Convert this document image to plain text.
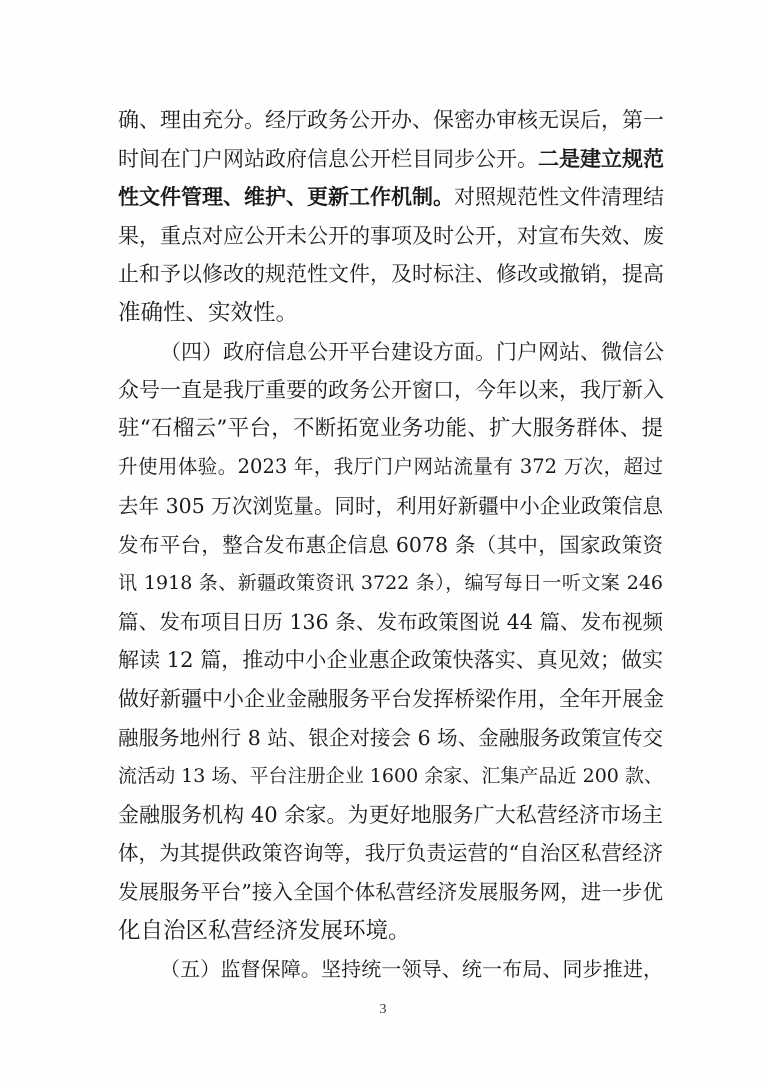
确、理由充分。经厅政务公开办、保密办审核无误后，第一
时间在门户网站政府信息公开栏目同步公开。二是建立规范
性文件管理、维护、更新工作机制。对照规范性文件清理结
果，重点对应公开未公开的事项及时公开，对宣布失效、废
止和予以修改的规范性文件，及时标注、修改或撤销，提高
准确性、实效性。
（四）政府信息公开平台建设方面。门户网站、微信公
众号一直是我厅重要的政务公开窗口，今年以来，我厅新入
驻“石榴云”平台，不断拓宽业务功能、扩大服务群体、提
升使用体验。2023 年，我厅门户网站流量有 372 万次，超过
去年 305 万次浏览量。同时，利用好新疆中小企业政策信息
发布平台，整合发布惠企信息 6078 条（其中，国家政策资
讯 1918 条、新疆政策资讯 3722 条），编写每日一听文案 246
篇、发布项目日历 136 条、发布政策图说 44 篇、发布视频
解读 12 篇，推动中小企业惠企政策快落实、真见效；做实
做好新疆中小企业金融服务平台发挥桥梁作用，全年开展金
融服务地州行 8 站、银企对接会 6 场、金融服务政策宣传交
流活动 13 场、平台注册企业 1600 余家、汇集产品近 200 款、
金融服务机构 40 余家。为更好地服务广大私营经济市场主
体，为其提供政策咨询等，我厅负责运营的“自治区私营经济
发展服务平台”接入全国个体私营经济发展服务网，进一步优
化自治区私营经济发展环境。
（五）监督保障。坚持统一领导、统一布局、同步推进，
3
